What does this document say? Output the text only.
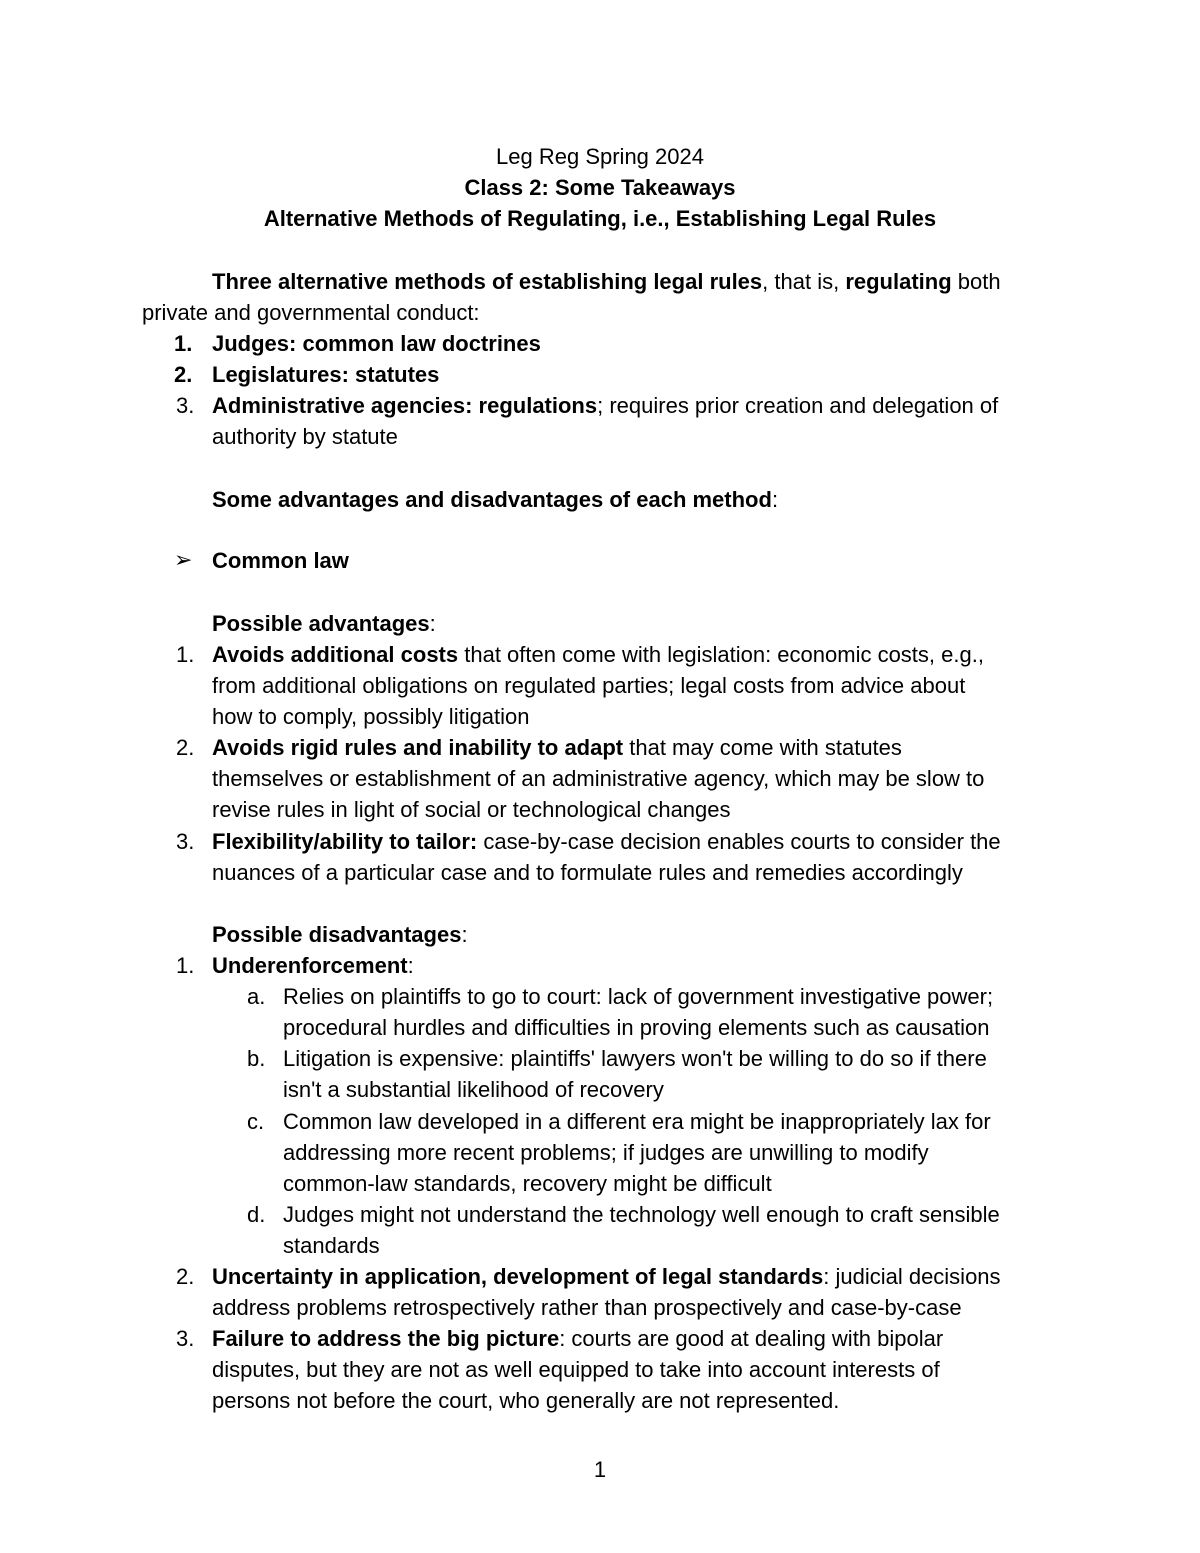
Leg Reg Spring 2024
Class 2: Some Takeaways
Alternative Methods of Regulating, i.e., Establishing Legal Rules
Three alternative methods of establishing legal rules, that is, regulating both
private and governmental conduct:
1. Judges: common law doctrines
2. Legislatures: statutes
3. Administrative agencies: regulations; requires prior creation and delegation of
authority by statute
Some advantages and disadvantages of each method:
➢ Common law
Possible advantages:
1. Avoids additional costs that often come with legislation: economic costs, e.g.,
from additional obligations on regulated parties; legal costs from advice about
how to comply, possibly litigation
2. Avoids rigid rules and inability to adapt that may come with statutes
themselves or establishment of an administrative agency, which may be slow to
revise rules in light of social or technological changes
3. Flexibility/ability to tailor: case-by-case decision enables courts to consider the
nuances of a particular case and to formulate rules and remedies accordingly
Possible disadvantages:
1. Underenforcement:
a. Relies on plaintiffs to go to court: lack of government investigative power;
procedural hurdles and difficulties in proving elements such as causation
b. Litigation is expensive: plaintiffs' lawyers won't be willing to do so if there
isn't a substantial likelihood of recovery
c. Common law developed in a different era might be inappropriately lax for
addressing more recent problems; if judges are unwilling to modify
common-law standards, recovery might be difficult
d. Judges might not understand the technology well enough to craft sensible
standards
2. Uncertainty in application, development of legal standards: judicial decisions
address problems retrospectively rather than prospectively and case-by-case
3. Failure to address the big picture: courts are good at dealing with bipolar
disputes, but they are not as well equipped to take into account interests of
persons not before the court, who generally are not represented.
1
